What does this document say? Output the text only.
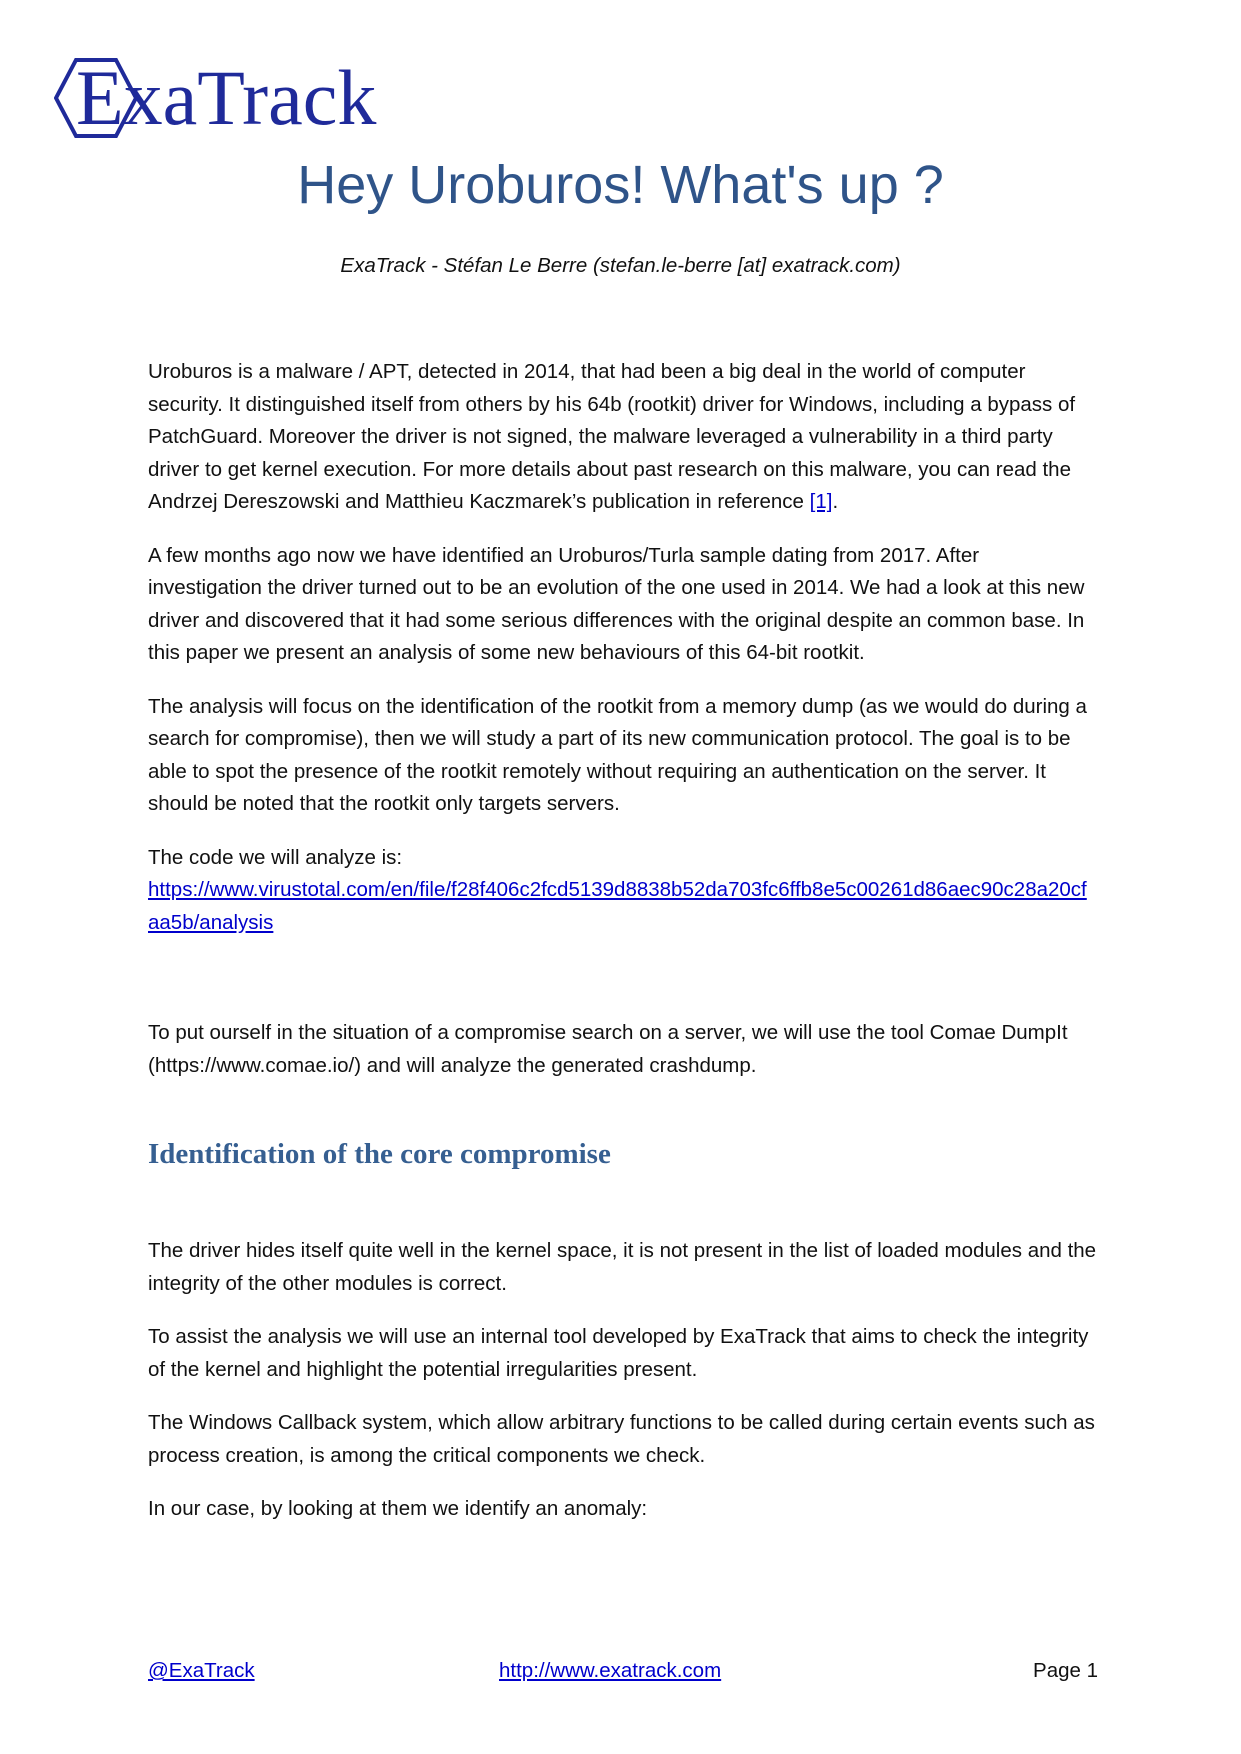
ExaTrack
Hey Uroburos! What's up ?
ExaTrack - Stéfan Le Berre (stefan.le-berre [at] exatrack.com)

Uroburos is a malware / APT, detected in 2014, that had been a big deal in the world of computer security. It distinguished itself from others by his 64b (rootkit) driver for Windows, including a bypass of PatchGuard. Moreover the driver is not signed, the malware leveraged a vulnerability in a third party driver to get kernel execution. For more details about past research on this malware, you can read the Andrzej Dereszowski and Matthieu Kaczmarek’s publication in reference [1].

A few months ago now we have identified an Uroburos/Turla sample dating from 2017. After investigation the driver turned out to be an evolution of the one used in 2014. We had a look at this new driver and discovered that it had some serious differences with the original despite an common base. In this paper we present an analysis of some new behaviours of this 64-bit rootkit.

The analysis will focus on the identification of the rootkit from a memory dump (as we would do during a search for compromise), then we will study a part of its new communication protocol. The goal is to be able to spot the presence of the rootkit remotely without requiring an authentication on the server. It should be noted that the rootkit only targets servers.

The code we will analyze is:
https://www.virustotal.com/en/file/f28f406c2fcd5139d8838b52da703fc6ffb8e5c00261d86aec90c28a20cfaa5b/analysis

To put ourself in the situation of a compromise search on a server, we will use the tool Comae DumpIt (https://www.comae.io/) and will analyze the generated crashdump.

Identification of the core compromise

The driver hides itself quite well in the kernel space, it is not present in the list of loaded modules and the integrity of the other modules is correct.

To assist the analysis we will use an internal tool developed by ExaTrack that aims to check the integrity of the kernel and highlight the potential irregularities present.

The Windows Callback system, which allow arbitrary functions to be called during certain events such as process creation, is among the critical components we check.

In our case, by looking at them we identify an anomaly:

@ExaTrack	http://www.exatrack.com	Page 1
